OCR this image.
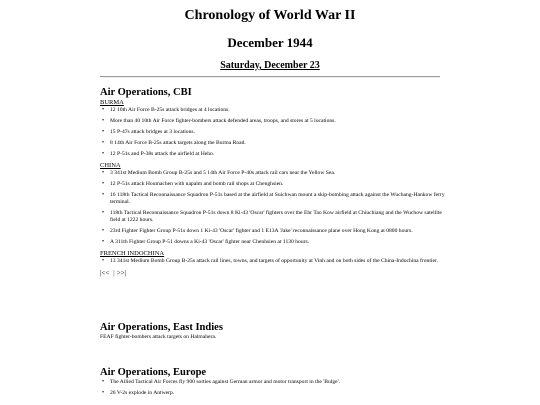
Chronology of World War II
December 1944
Saturday, December 23
Air Operations, CBI
BURMA
• 12 10th Air Force B-25s attack bridges at 4 locations.
• More than 40 10th Air Force fighter-bombers attack defended areas, troops, and stores at 5 locations.
• 15 P-47s attack bridges at 3 locations.
• 8 14th Air Force B-25s attack targets along the Burma Road.
• 12 P-51s and P-38s attack the airfield at Heho.
CHINA
• 3 341st Medium Bomb Group B-25s and 5 14th Air Force P-40s attack rail cars near the Yellow Sea.
• 12 P-51s attack Houmachen with napalm and bomb rail shops at Chenghsien.
• 16 118th Tactical Reconnaissance Squadron P-51s based at the airfield at Suichwan mount a skip-bombing attack against the Wuchang-Hankow ferry terminal.
• 118th Tactical Reconnaissance Squadron P-51s down 8 Ki-43 'Oscar' fighters over the Ehr Tao Kow airfield at Chiuchiang and the Wuchow satellite field at 1222 hours.
• 23rd Fighter Fighter Group P-51s down 1 Ki-43 'Oscar' fighter and 1 E13A 'Jake' reconnaissance plane over Hong Kong at 0800 hours.
• A 311th Fighter Group P-51 downs a Ki-43 'Oscar' fighter near Chenhsien at 1130 hours.
FRENCH INDOCHINA
• 13 341st Medium Bomb Group B-25s attack rail lines, towns, and targets of opportunity at Vinh and on both sides of the China-Indochina frontier.
|<< | >>|
Air Operations, East Indies

FEAF fighter-bombers attack targets on Halmahera.

Air Operations, Europe
• The Allied Tactical Air Forces fly 900 sorties against German armor and motor transport in the 'Bulge'.
• 26 V-2s explode in Antwerp.
